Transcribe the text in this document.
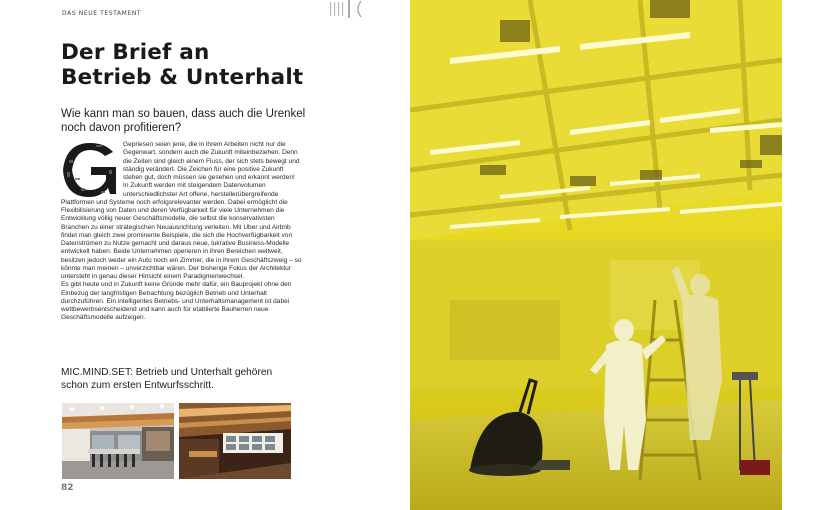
DAS NEUE TESTAMENT
Der Brief an
Betrieb & Unterhalt
Wie kann man so bauen, dass auch die Urenkel noch davon profitieren?
G

Gepriesen seien jene, die in ihrem Arbeiten nicht nur die Gegenwart, sondern auch die Zukunft miteinbeziehen. Denn die Zeiten sind gleich einem Fluss, der sich stets bewegt und ständig verändert. Die Zeichen für eine positive Zukunft stehen gut, doch müssen sie gesehen und erkannt werden!

In Zukunft werden mit steigendem Datenvolumen unterschiedlichster Art offene, herstellerübergreifende Plattformen und Systeme noch erfolgsrelevanter werden. Dabei ermöglicht die Flexibilisierung von Daten und deren Verfügbarkeit für viele Unternehmen die Entwicklung völlig neuer Geschäftsmodelle, die selbst die konservativsten Branchen zu einer strategischen Neuausrichtung verleiten. Mit Uber und Airbnb findet man gleich zwei prominente Beispiele, die sich die Hochverfügbarkeit von Datenströmen zu Nutze gemacht und daraus neue, lukrative Business-Modelle entwickelt haben. Beide Unternehmen operieren in ihren Bereichen weltweit, besitzen jedoch weder ein Auto noch ein Zimmer, die in ihrem Geschäftszweig – so könnte man meinen – unverzichtbar wären. Der bisherige Fokus der Architektur untersteht in genau dieser Hinsicht einem Paradigmenwechsel.

Es gibt heute und in Zukunft keine Gründe mehr dafür, ein Bauprojekt ohne den Einbezug der langfristigen Betrachtung bezüglich Betrieb und Unterhalt durchzuführen. Ein intelligentes Betriebs- und Unterhaltsmanagement ist dabei wettbewerbsentscheidend und kann auch für etablierte Bauherren neue Geschäftsmodelle aufzeigen.

MIC.MIND.SET: Betrieb und Unterhalt gehören schon zum ersten Entwurfsschritt.
82
